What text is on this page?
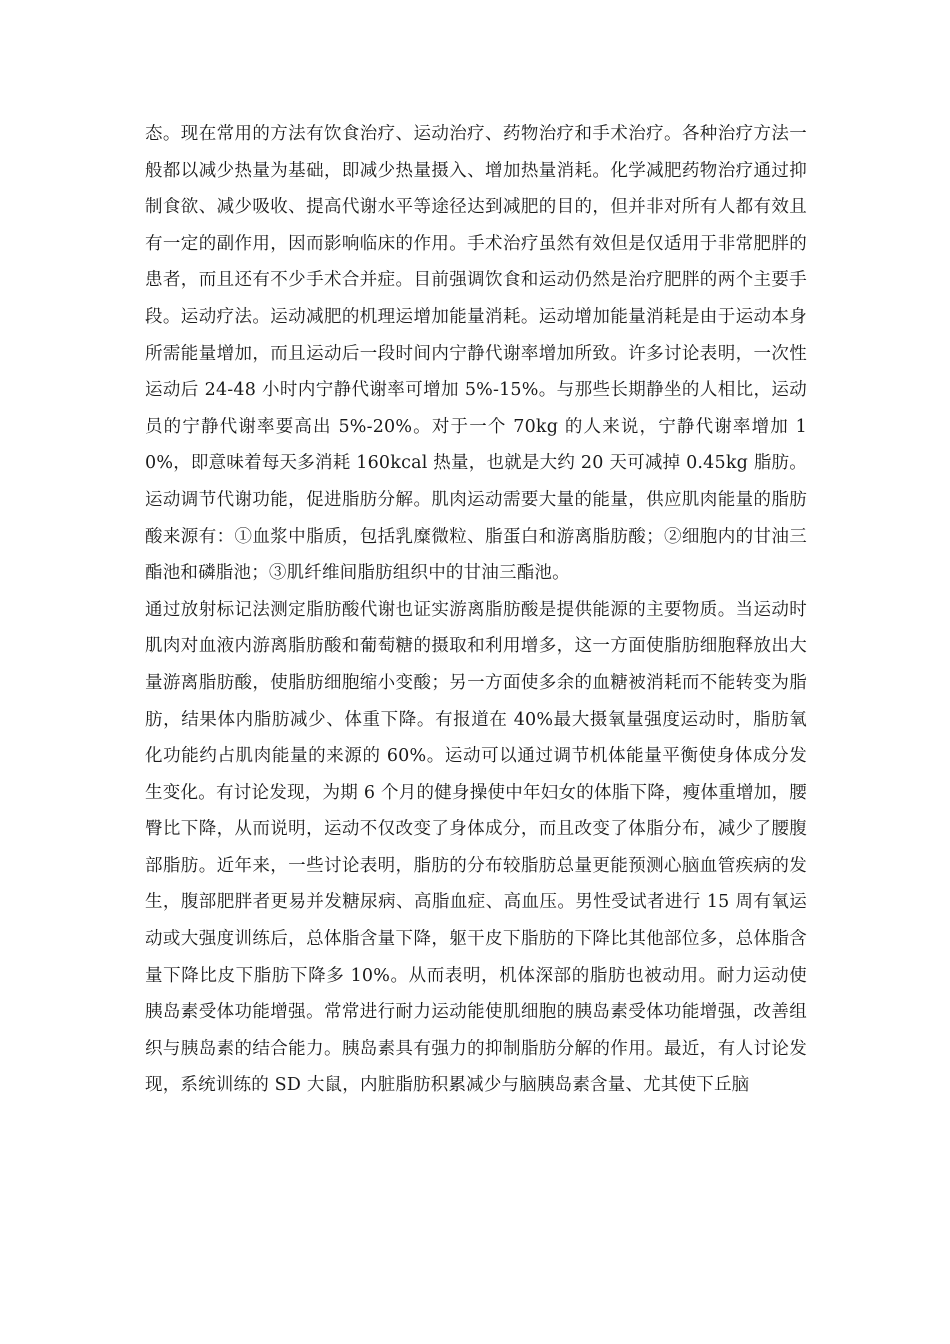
态。现在常用的方法有饮食治疗、运动治疗、药物治疗和手术治疗。各种治疗方法一般都以减少热量为基础，即减少热量摄入、增加热量消耗。化学减肥药物治疗通过抑制食欲、减少吸收、提高代谢水平等途径达到减肥的目的，但并非对所有人都有效且有一定的副作用，因而影响临床的作用。手术治疗虽然有效但是仅适用于非常肥胖的患者，而且还有不少手术合并症。目前强调饮食和运动仍然是治疗肥胖的两个主要手段。运动疗法。运动减肥的机理运增加能量消耗。运动增加能量消耗是由于运动本身所需能量增加，而且运动后一段时间内宁静代谢率增加所致。许多讨论表明，一次性运动后 24-48 小时内宁静代谢率可增加 5%-15%。与那些长期静坐的人相比，运动员的宁静代谢率要高出 5%-20%。对于一个 70kg 的人来说，宁静代谢率增加 10%，即意味着每天多消耗 160kcal 热量，也就是大约 20 天可减掉 0.45kg 脂肪。运动调节代谢功能，促进脂肪分解。肌肉运动需要大量的能量，供应肌肉能量的脂肪酸来源有：①血浆中脂质，包括乳糜微粒、脂蛋白和游离脂肪酸；②细胞内的甘油三酯池和磷脂池；③肌纤维间脂肪组织中的甘油三酯池。

通过放射标记法测定脂肪酸代谢也证实游离脂肪酸是提供能源的主要物质。当运动时肌肉对血液内游离脂肪酸和葡萄糖的摄取和利用增多，这一方面使脂肪细胞释放出大量游离脂肪酸，使脂肪细胞缩小变酸；另一方面使多余的血糖被消耗而不能转变为脂肪，结果体内脂肪减少、体重下降。有报道在 40%最大摄氧量强度运动时，脂肪氧化功能约占肌肉能量的来源的 60%。运动可以通过调节机体能量平衡使身体成分发生变化。有讨论发现，为期 6 个月的健身操使中年妇女的体脂下降，瘦体重增加，腰臀比下降，从而说明，运动不仅改变了身体成分，而且改变了体脂分布，减少了腰腹部脂肪。近年来，一些讨论表明，脂肪的分布较脂肪总量更能预测心脑血管疾病的发生，腹部肥胖者更易并发糖尿病、高脂血症、高血压。男性受试者进行 15 周有氧运动或大强度训练后，总体脂含量下降，躯干皮下脂肪的下降比其他部位多，总体脂含量下降比皮下脂肪下降多 10%。从而表明，机体深部的脂肪也被动用。耐力运动使胰岛素受体功能增强。常常进行耐力运动能使肌细胞的胰岛素受体功能增强，改善组织与胰岛素的结合能力。胰岛素具有强力的抑制脂肪分解的作用。最近，有人讨论发现，系统训练的 SD 大鼠，内脏脂肪积累减少与脑胰岛素含量、尤其使下丘脑
